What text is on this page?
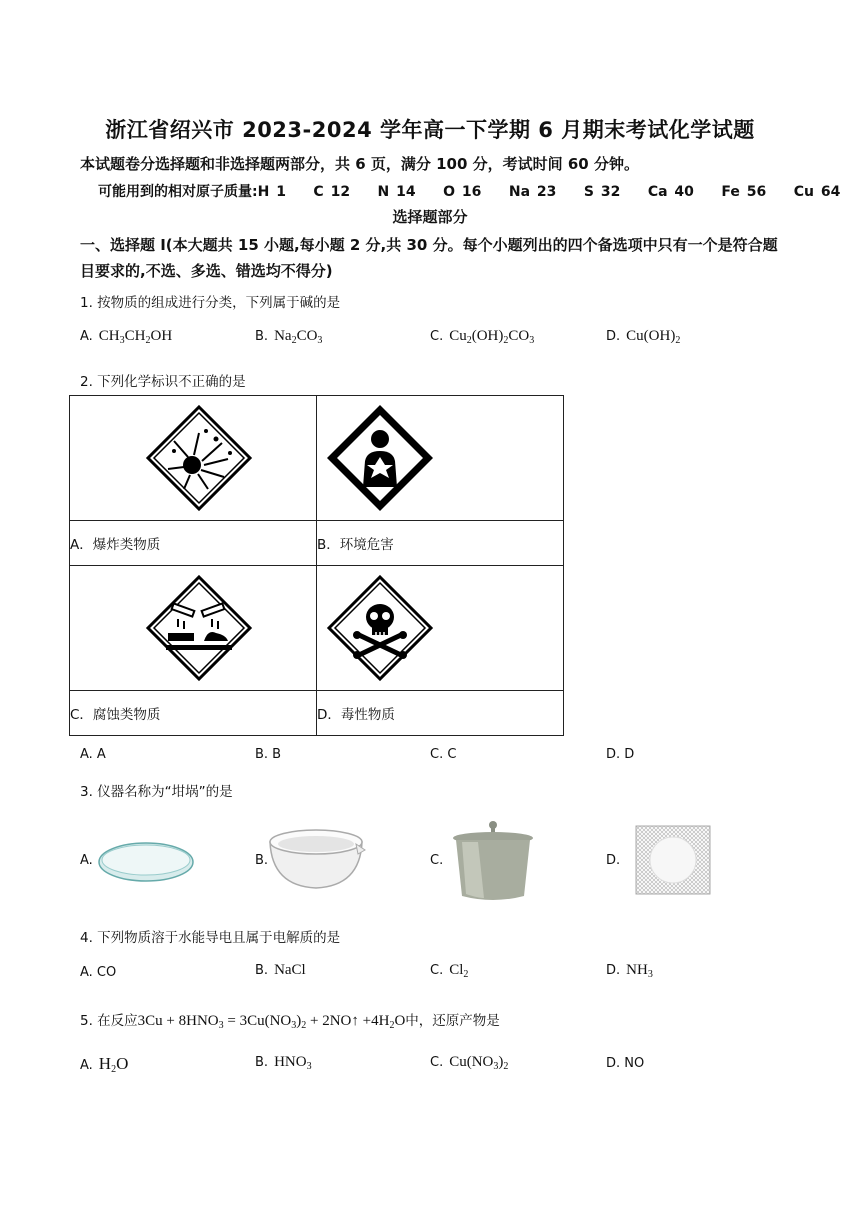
浙江省绍兴市 2023-2024 学年高一下学期 6 月期末考试化学试题
本试题卷分选择题和非选择题两部分，共 6 页，满分 100 分，考试时间 60 分钟。
可能用到的相对原子质量:H 1    C 12    N 14    O 16    Na 23    S 32    Ca 40    Fe 56    Cu 64
选择题部分
一、选择题 I(本大题共 15 小题,每小题 2 分,共 30 分。每个小题列出的四个备选项中只有一个是符合题目要求的,不选、多选、错选均不得分)
1. 按物质的组成进行分类，下列属于碱的是
A. $CH_3CH_2OH$	B. $Na_2CO_3$	C. $Cu_2(OH)_2CO_3$	D. $Cu(OH)_2$
2. 下列化学标识不正确的是

A．爆炸类物质	B．环境危害

C．腐蚀类物质	D．毒性物质
A. A	B. B	C. C	D. D
3. 仪器名称为“坩埚”的是
A.	B.	C.	D.
4. 下列物质溶于水能导电且属于电解质的是
A. CO	B. NaCl	C. $Cl_2$	D. $NH_3$
5. 在反应$3Cu + 8HNO_3 = 3Cu(NO_3)_2$ + 2NO↑ $+4H_2O$中，还原产物是
A. $H_2O$	B. $HNO_3$	C. $Cu(NO_3)_2$	D. NO
